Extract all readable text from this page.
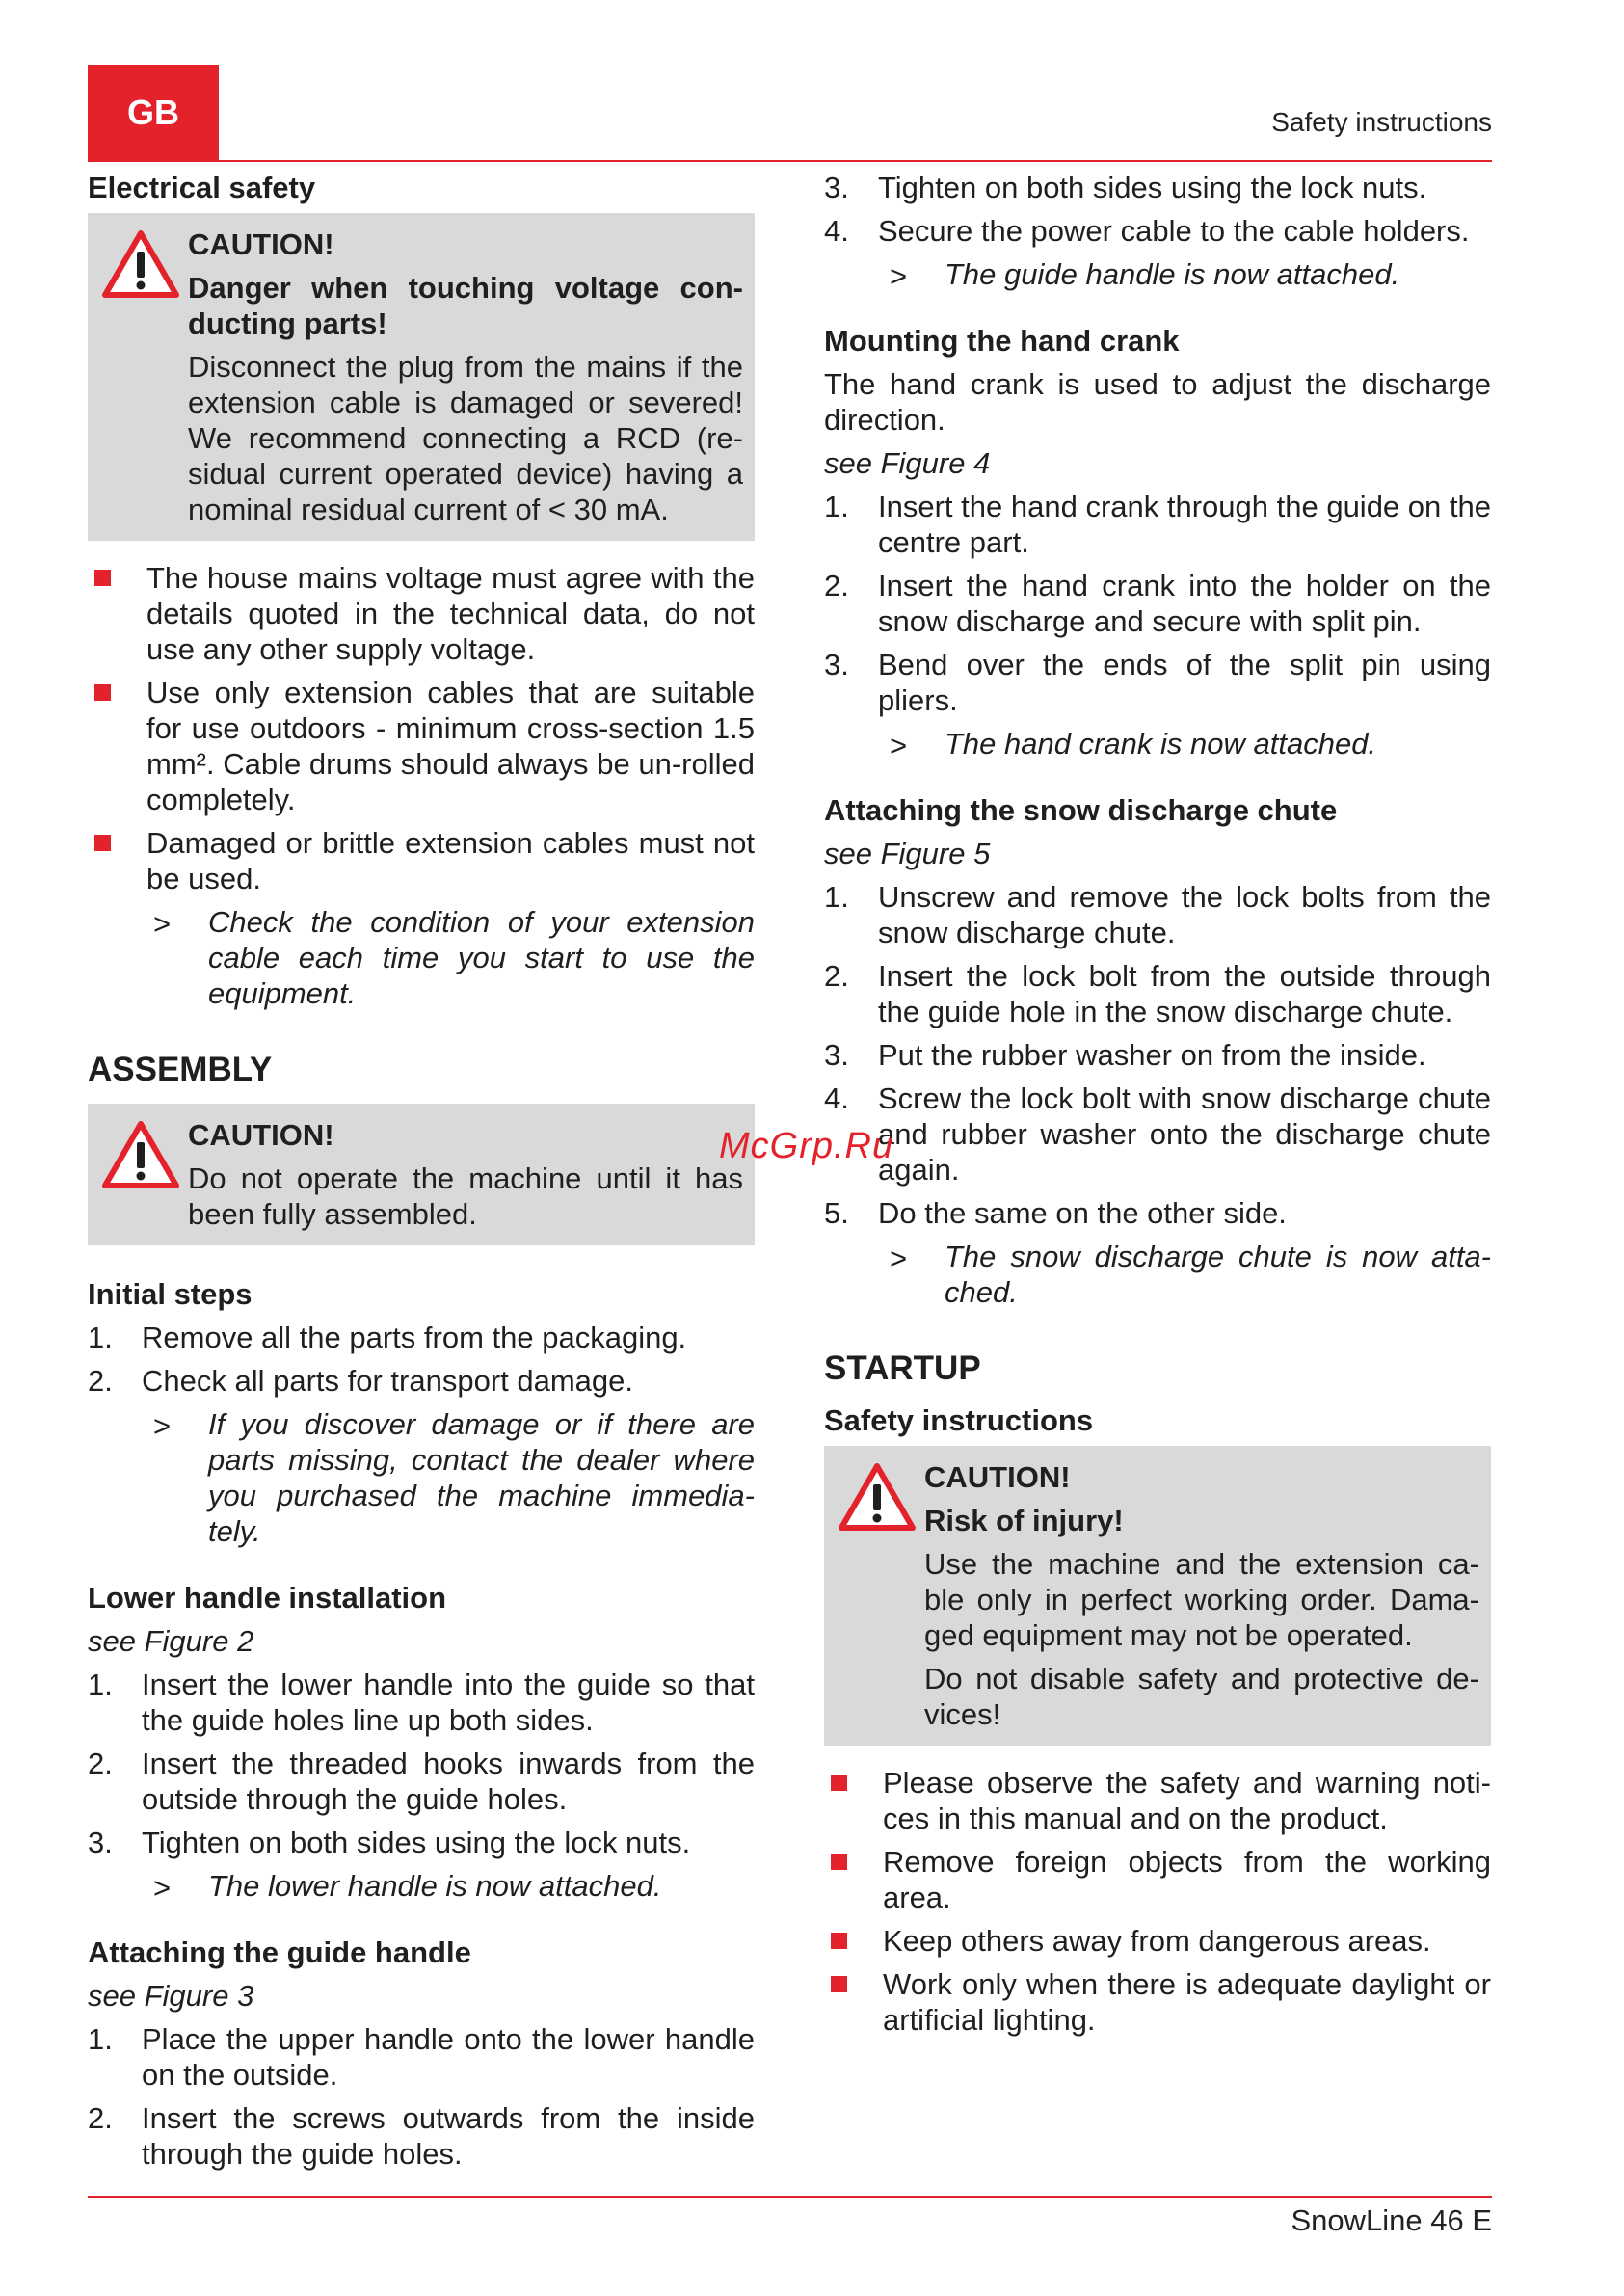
GB	Safety instructions
Electrical safety
CAUTION!
Danger when touching voltage con-ducting parts!
Disconnect the plug from the mains if the extension cable is damaged or severed! We recommend connecting a RCD (re-sidual current operated device) having a nominal residual current of < 30 mA.
The house mains voltage must agree with the details quoted in the technical data, do not use any other supply voltage.
Use only extension cables that are suitable for use outdoors - minimum cross-section 1.5 mm². Cable drums should always be un-rolled completely.
Damaged or brittle extension cables must not be used.
> Check the condition of your extension cable each time you start to use the equipment.
ASSEMBLY
CAUTION!
Do not operate the machine until it has been fully assembled.
Initial steps
1. Remove all the parts from the packaging.
2. Check all parts for transport damage.
> If you discover damage or if there are parts missing, contact the dealer where you purchased the machine immedia-tely.
Lower handle installation
see Figure 2
1. Insert the lower handle into the guide so that the guide holes line up both sides.
2. Insert the threaded hooks inwards from the outside through the guide holes.
3. Tighten on both sides using the lock nuts.
> The lower handle is now attached.
Attaching the guide handle
see Figure 3
1. Place the upper handle onto the lower handle on the outside.
2. Insert the screws outwards from the inside through the guide holes.
3. Tighten on both sides using the lock nuts.
4. Secure the power cable to the cable holders.
> The guide handle is now attached.
Mounting the hand crank
The hand crank is used to adjust the discharge direction.
see Figure 4
1. Insert the hand crank through the guide on the centre part.
2. Insert the hand crank into the holder on the snow discharge and secure with split pin.
3. Bend over the ends of the split pin using pliers.
> The hand crank is now attached.
Attaching the snow discharge chute
see Figure 5
1. Unscrew and remove the lock bolts from the snow discharge chute.
2. Insert the lock bolt from the outside through the guide hole in the snow discharge chute.
3. Put the rubber washer on from the inside.
4. Screw the lock bolt with snow discharge chute and rubber washer onto the discharge chute again.
5. Do the same on the other side.
> The snow discharge chute is now atta-ched.
STARTUP
Safety instructions
CAUTION!
Risk of injury!
Use the machine and the extension ca-ble only in perfect working order. Dama-ged equipment may not be operated.
Do not disable safety and protective de-vices!
Please observe the safety and warning noti-ces in this manual and on the product.
Remove foreign objects from the working area.
Keep others away from dangerous areas.
Work only when there is adequate daylight or artificial lighting.
McGrp.Ru
SnowLine 46 E
